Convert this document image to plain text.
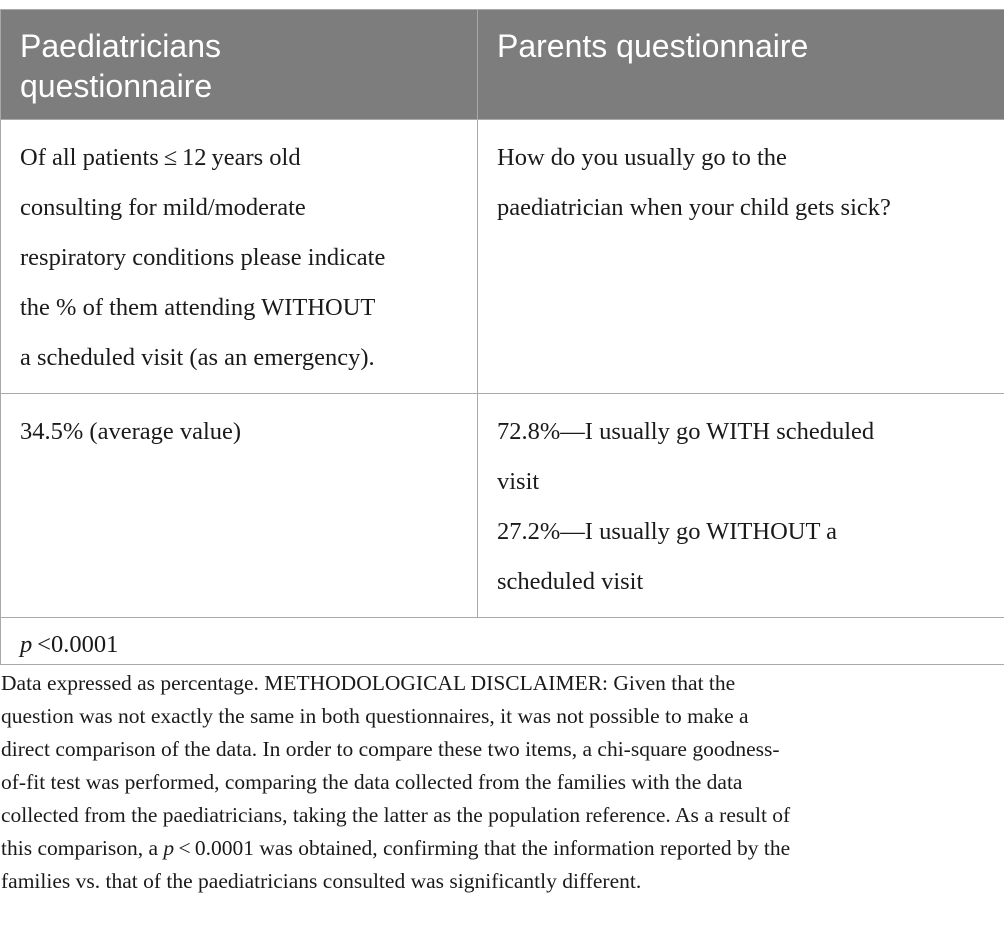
Paediatricians
questionnaire	Parents questionnaire

Of all patients ≤ 12 years old
consulting for mild/moderate
respiratory conditions please indicate
the % of them attending WITHOUT
a scheduled visit (as an emergency).	How do you usually go to the
paediatrician when your child gets sick?

34.5% (average value)	72.8%—I usually go WITH scheduled
visit
27.2%—I usually go WITHOUT a
scheduled visit

p <0.0001	
Data expressed as percentage. METHODOLOGICAL DISCLAIMER: Given that the
question was not exactly the same in both questionnaires, it was not possible to make a
direct comparison of the data. In order to compare these two items, a chi-square goodness-
of-fit test was performed, comparing the data collected from the families with the data
collected from the paediatricians, taking the latter as the population reference. As a result of
this comparison, a p < 0.0001 was obtained, confirming that the information reported by the
families vs. that of the paediatricians consulted was significantly different.
